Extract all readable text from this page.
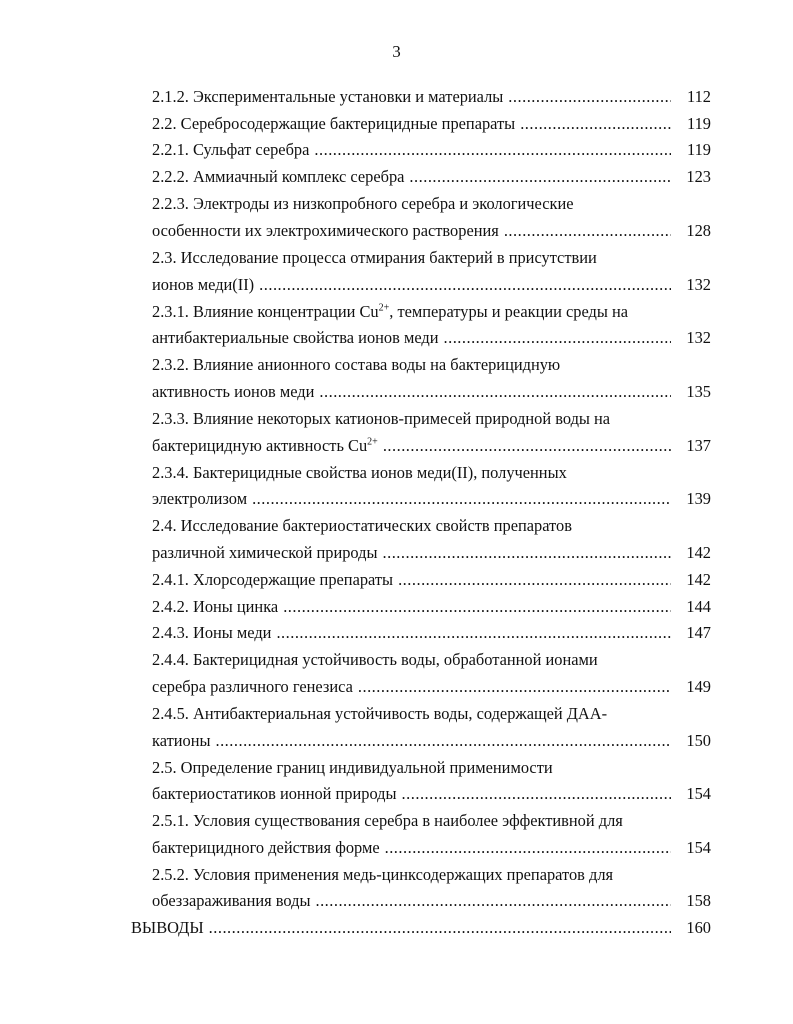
3
2.1.2. Экспериментальные установки и материалы .....	112
2.2. Серебросодержащие бактерицидные препараты .....	119
2.2.1. Сульфат серебра .....	119
2.2.2. Аммиачный комплекс серебра .....	123
2.2.3. Электроды из низкопробного серебра и экологические
особенности их электрохимического растворения .....	128
2.3. Исследование процесса отмирания бактерий в присутствии
ионов меди(II) .....	132
2.3.1. Влияние концентрации $Cu^{2+}$, температуры и реакции среды на
антибактериальные свойства ионов меди .....	132
2.3.2. Влияние анионного состава воды на бактерицидную
активность ионов меди .....	135
2.3.3. Влияние некоторых катионов-примесей природной воды на
бактерицидную активность $Cu^{2+}$ .....	137
2.3.4. Бактерицидные свойства ионов меди(II), полученных
электролизом .....	139
2.4. Исследование бактериостатических свойств препаратов
различной химической природы .....	142
2.4.1. Хлорсодержащие препараты .....	142
2.4.2. Ионы цинка .....	144
2.4.3. Ионы меди .....	147
2.4.4. Бактерицидная устойчивость воды, обработанной ионами
серебра различного генезиса .....	149
2.4.5. Антибактериальная устойчивость воды, содержащей ДАА-
катионы .....	150
2.5. Определение границ индивидуальной применимости
бактериостатиков ионной природы .....	154
2.5.1. Условия существования серебра в наиболее эффективной для
бактерицидного действия форме .....	154
2.5.2. Условия применения медь-цинксодержащих препаратов для
обеззараживания воды .....	158
ВЫВОДЫ .....	160
